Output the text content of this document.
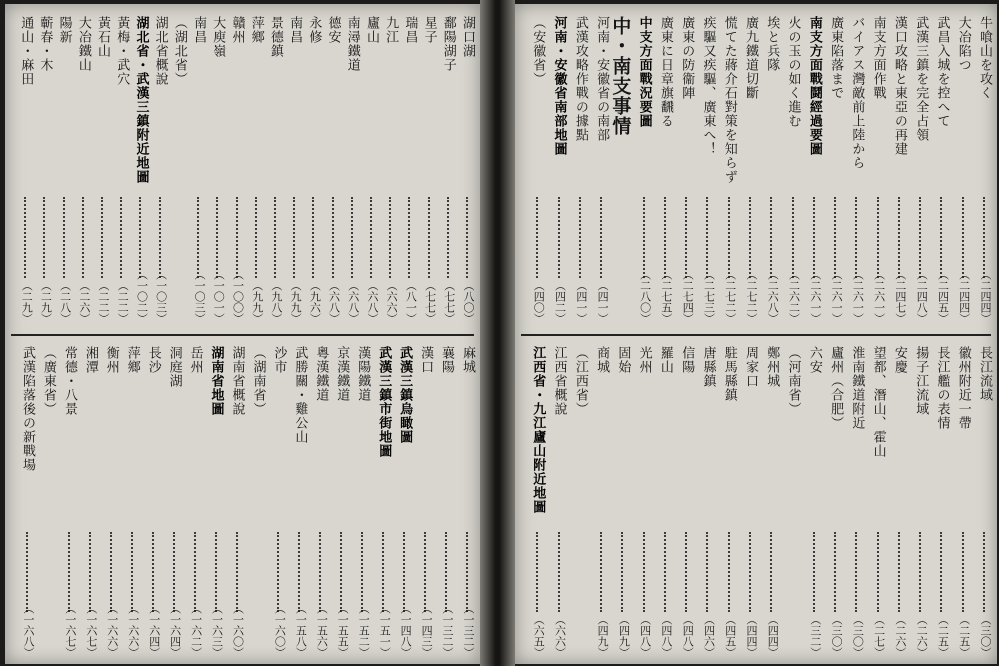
湖口湖
（八〇）
鄱陽湖子
（七七）
星子
（七七）
瑞昌
（八一）
九江
（六六）
廬山
（六八）
南潯鐵道
（六八）
德安
（六八）
永修
（九六）
南昌
（九九）
景德鎮
（九八）
萍鄉
（九九）
贛州
（一〇〇）
大庾嶺
（一〇一）
南昌
（一〇三）
（湖北省）
湖北省概說
（一〇三）
湖北省・武漢三鎮附近地圖
（一〇二）
黃梅・武穴
（二二）
黃石山
（二二）
大冶鐵山
（二六）
陽新
（二八）
蘄春・木
（二九）
通山・麻田
（二九）
麻城
（一三二）
襄陽
（一三二）
漢口
（一四三）
武漢三鎮烏瞰圖
（一四八）
武漢三鎮市街地圖
（一五一）
漢陽鐵道
（一五二）
京漢鐵道
（一五五）
粵漢鐵道
（一五六）
武勝關・雞公山
（一五八）
沙市
（一六〇）
（湖南省）
湖南省概說
（一六〇）
湖南省地圖
（一六三）
岳州
（一六二）
洞庭湖
（一六四）
長沙
（一六四）
萍鄉
（一六六）
衡州
（一六六）
湘潭
（一六七）
常德・八景
（一六七）
（廣東省）
武漢陷落後の新戰場
（一六八）
牛喰山を攻く
（二四四）
大冶陷つ
（二四四）
武昌入城を控へて
（二四五）
武漢三鎮を完全占領
（二四八）
漢口攻略と東亞の再建
（二四七）
南支方面作戰
（二六一）
バイアス灣敵前上陸から
（二六一）
廣東陷落まで
（二六一）
南支方面戰鬪經過要圖
（二六一）
火の玉の如く進む
（二六二）
埃と兵隊
（二六八）
廣九鐵道切斷
（二七二）
慌てた蔣介石對策を知らず
（二七二）
疾驅又疾驅、廣東へ！
（二七三）
廣東の防衞陣
（二七四）
廣東に日章旗飜る
（二七五）
中支方面戰況要圖
（二八〇）
中・南支事情
河南・安徽省の南部
（四一）
武漢攻略作戰の據點
（四一）
河南・安徽省南部地圖
（四二）
（安徽省）
（四〇）
長江流域
（三〇）
徽州附近一帶
（二五）
長江艦の表情
（二五）
揚子江流域
（二六）
安慶
（二六）
望都、潛山、霍山
（二七）
淮南鐵道附近
（三〇）
廬州（合肥）
（三〇）
六安
（三二）
（河南省）
鄭州城
（四四）
周家口
（四四）
駐馬縣鎮
（四五）
唐縣鎮
（四六）
信陽
（四八）
羅山
（四八）
光州
（四八）
固始
（四九）
商城
（四九）
（江西省）
江西省概說
（六六）
江西省・九江廬山附近地圖
（六五）
